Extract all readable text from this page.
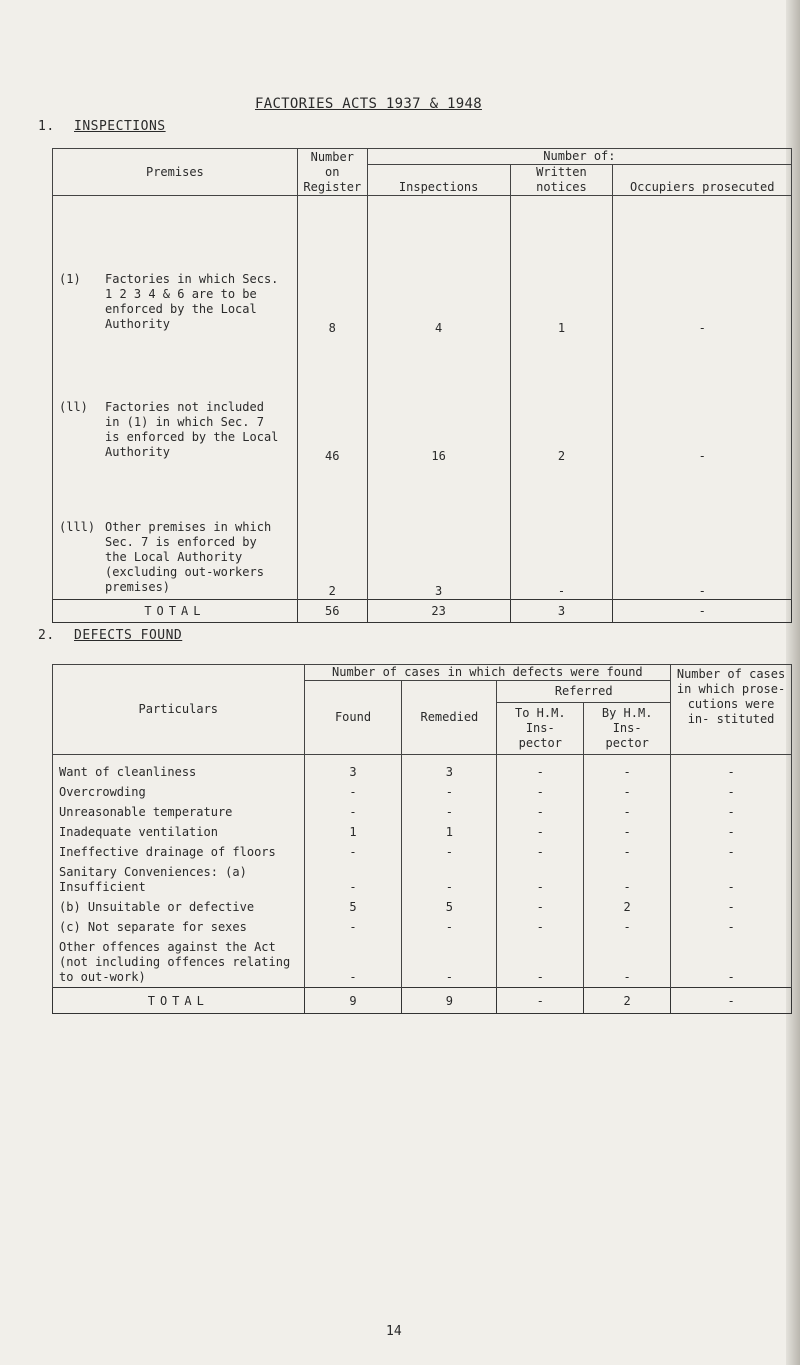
FACTORIES ACTS 1937 & 1948
1. INSPECTIONS
Premises	Number on Register	Number of:		
		Inspections	Written notices	Occupiers prosecuted
(1) Factories in which Secs. 1 2 3 4 & 6 are to be enforced by the Local Authority	8	4	1	-
(ll) Factories not included in (1) in which Sec. 7 is enforced by the Local Authority	46	16	2	-
(lll) Other premises in which Sec. 7 is enforced by the Local Authority (excluding out-workers premises)	2	3	-	-
TOTAL	56	23	3	-
2. DEFECTS FOUND
Particulars	Number of cases in which defects were found				Number of cases in which prose- cutions were in- stituted
	Found	Remedied	Referred		
			To H.M. Ins- pector	By H.M. Ins- pector	
Want of cleanliness	3	3	-	-	-
Overcrowding	-	-	-	-	-
Unreasonable temperature	-	-	-	-	-
Inadequate ventilation	1	1	-	-	-
Ineffective drainage of floors	-	-	-	-	-
Sanitary Conveniences: (a) Insufficient	-	-	-	-	-
(b) Unsuitable or defective	5	5	-	2	-
(c) Not separate for sexes	-	-	-	-	-
Other offences against the Act (not including offences relating to out-work)	-	-	-	-	-
TOTAL	9	9	-	2	-
14
